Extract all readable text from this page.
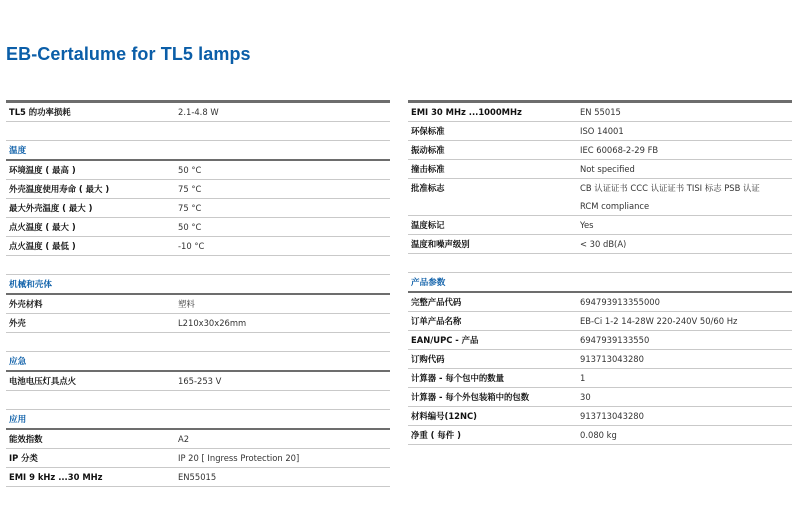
EB-Certalume for TL5 lamps
TL5 的功率损耗	2.1-4.8 W
温度
环境温度 ( 最高 )	50 °C
外壳温度使用寿命 ( 最大 )	75 °C
最大外壳温度 ( 最大 )	75 °C
点火温度 ( 最大 )	50 °C
点火温度 ( 最低 )	-10 °C
机械和壳体
外壳材料	塑料
外壳	L210x30x26mm
应急
电池电压灯具点火	165-253 V
应用
能效指数	A2
IP 分类	IP 20 [ Ingress Protection 20]
EMI 9 kHz ...30 MHz	EN55015
EMI 30 MHz ...1000MHz	EN 55015
环保标准	ISO 14001
振动标准	IEC 60068-2-29 FB
撞击标准	Not specified
批准标志	CB 认证证书 CCC 认证证书 TISI 标志 PSB 认证
RCM compliance
温度标记	Yes
温度和噪声级别	< 30 dB(A)
产品参数
完整产品代码	694793913355000
订单产品名称	EB-Ci 1-2 14-28W 220-240V 50/60 Hz
EAN/UPC - 产品	6947939133550
订购代码	913713043280
计算器 - 每个包中的数量	1
计算器 - 每个外包装箱中的包数	30
材料编号(12NC)	913713043280
净重 ( 每件 )	0.080 kg
